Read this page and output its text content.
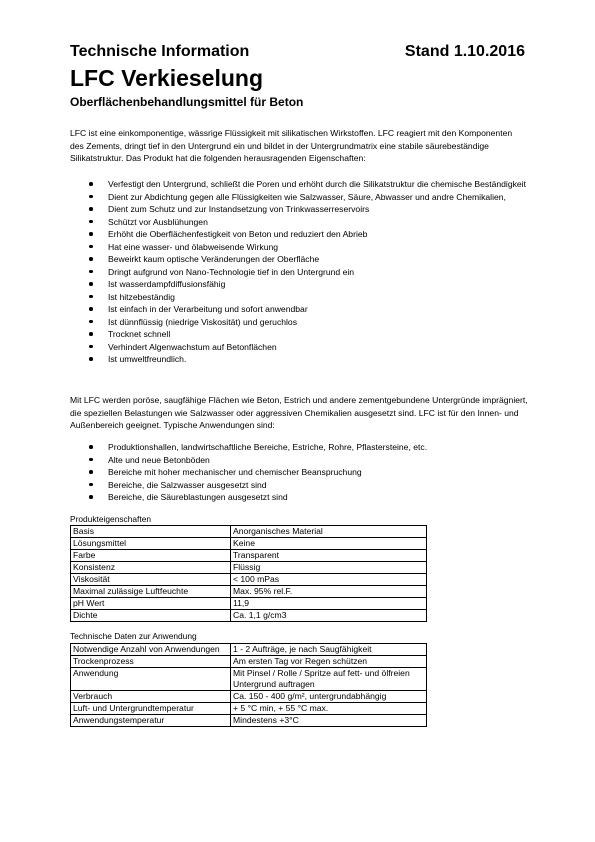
Technische Information	Stand 1.10.2016
LFC Verkieselung
Oberflächenbehandlungsmittel für Beton

LFC ist eine einkomponentige, wässrige Flüssigkeit mit silikatischen Wirkstoffen. LFC reagiert mit den Komponenten des Zements, dringt tief in den Untergrund ein und bildet in der Untergrundmatrix eine stabile säurebeständige Silikatstruktur. Das Produkt hat die folgenden herausragenden Eigenschaften:

Verfestigt den Untergrund, schließt die Poren und erhöht durch die Silikatstruktur die chemische Beständigkeit
Dient zur Abdichtung gegen alle Flüssigkeiten wie Salzwasser, Säure, Abwasser und andre Chemikalien,
Dient zum Schutz und zur Instandsetzung von Trinkwasserreservoirs
Schützt vor Ausblühungen
Erhöht die Oberflächenfestigkeit von Beton und reduziert den Abrieb
Hat eine wasser- und ölabweisende Wirkung
Beweirkt kaum optische Veränderungen der Oberfläche
Dringt aufgrund von Nano-Technologie tief in den Untergrund ein
Ist wasserdampfdiffusionsfähig
Ist hitzebeständig
Ist einfach in der Verarbeitung und sofort anwendbar
Ist dünnflüssig (niedrige Viskosität) und geruchlos
Trocknet schnell
Verhindert Algenwachstum auf Betonflächen
Ist umweltfreundlich.

Mit LFC werden poröse, saugfähige Flächen wie Beton, Estrich und andere zementgebundene Untergründe imprägniert, die speziellen Belastungen wie Salzwasser oder aggressiven Chemikalien ausgesetzt sind. LFC ist für den Innen- und Außenbereich geeignet. Typische Anwendungen sind:

Produktionshallen, landwirtschaftliche Bereiche, Estriche, Rohre, Pflastersteine, etc.
Alte und neue Betonböden
Bereiche mit hoher mechanischer und chemischer Beanspruchung
Bereiche, die Salzwasser ausgesetzt sind
Bereiche, die Säureblastungen ausgesetzt sind
Produkteigenschaften
Basis	Anorganisches Material
Lösungsmittel	Keine
Farbe	Transparent
Konsistenz	Flüssig
Viskosität	< 100 mPas
Maximal zulässige Luftfeuchte	Max. 95% rel.F.
pH Wert	11,9
Dichte	Ca. 1,1 g/cm3
Technische Daten zur Anwendung
Notwendige Anzahl von Anwendungen	1 - 2 Aufträge, je nach Saugfähigkeit
Trockenprozess	Am ersten Tag vor Regen schützen
Anwendung	Mit Pinsel / Rolle / Spritze auf fett- und ölfreien Untergrund auftragen
Verbrauch	Ca. 150 - 400 g/m², untergrundabhängig
Luft- und Untergrundtemperatur	+ 5 °C min, + 55 °C max.
Anwendungstemperatur	Mindestens +3°C
